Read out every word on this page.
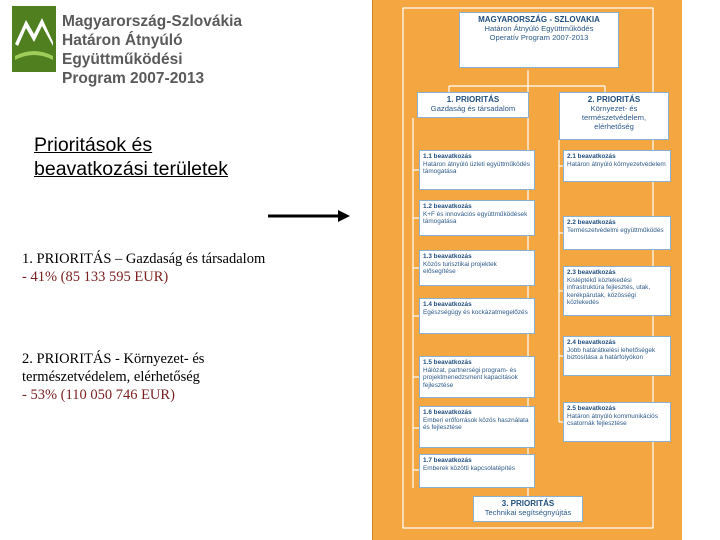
Magyarország-Szlovákia
Határon Átnyúló Együttműködési
Program 2007-2013
Prioritások és
beavatkozási területek
1. PRIORITÁS – Gazdaság és társadalom
- 41% (85 133 595 EUR)
2. PRIORITÁS - Környezet- és természetvédelem, elérhetőség
- 53% (110 050 746 EUR)
MAGYARORSZÁG - SZLOVAKIA
Határon Átnyúló Együttműködés
Operatív Program 2007-2013
1. PRIORITÁS
Gazdaság és társadalom
2. PRIORITÁS
Környezet- és természetvédelem, elérhetőség
1.1 beavatkozás
Határon átnyúló üzleti együttműködés támogatása
1.2 beavatkozás
K+F és innovációs együttműködések támogatása
1.3 beavatkozás
Közös turisztikai projektek elősegítése
1.4 beavatkozás
Egészségügy és kockázatmegelőzés
1.5 beavatkozás
Hálózat, partnerségi program- és projektmenedzsment kapacitások fejlesztése
1.6 beavatkozás
Emberi erőforrások közös használata és fejlesztése
1.7 beavatkozás
Emberek közötti kapcsolatépítés
2.1 beavatkozás
Határon átnyúló környezetvédelem
2.2 beavatkozás
Természetvédelmi együttműködés
2.3 beavatkozás
Kisléptékű közlekedési infrastruktúra fejlesztés, utak, kerékpárutak, közösségi közlekedés
2.4 beavatkozás
Jobb határátkelési lehetőségek biztosítása a határfolyókon
2.5 beavatkozás
Határon átnyúló kommunikációs csatornák fejlesztése
3. PRIORITÁS
Technikai segítségnyújtás
